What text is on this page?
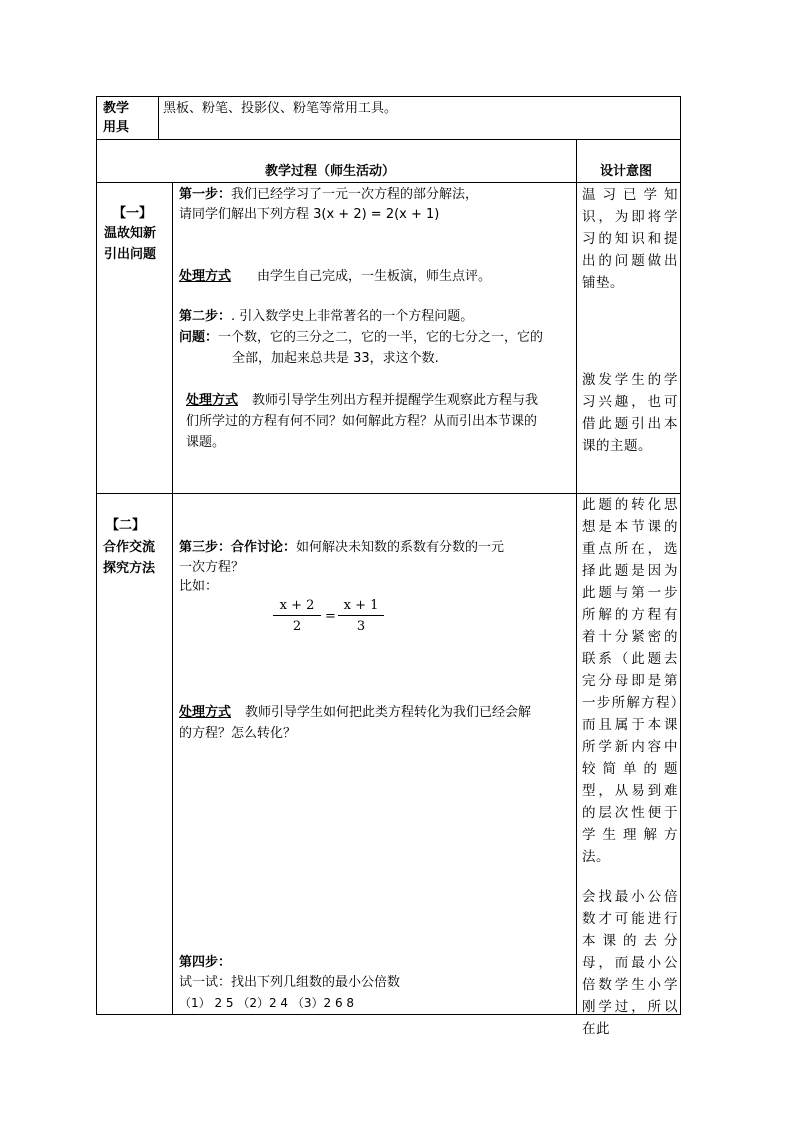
教学
用具
黑板、粉笔、投影仪、粉笔等常用工具。
教学过程（师生活动）	设计意图
【一】
温故知新
引出问题
第一步：我们已经学习了一元一次方程的部分解法，
请同学们解出下列方程 3(x + 2) = 2(x + 1)
处理方式 由学生自己完成，一生板演，师生点评。
第二步：. 引入数学史上非常著名的一个方程问题。
问题：一个数，它的三分之二，它的一半，它的七分之一，它的
全部，加起来总共是 33，求这个数.
处理方式 教师引导学生列出方程并提醒学生观察此方程与我
们所学过的方程有何不同？如何解此方程？从而引出本节课的
课题。
温习已学知识，为即将学习的知识和提出的问题做出铺垫。
激发学生的学习兴趣，也可借此题引出本课的主题。
【二】
合作交流
探究方法
第三步：合作讨论：如何解决未知数的系数有分数的一元
一次方程？
比如：
$\frac{x + 2}{2} = \frac{x + 1}{3}$
处理方式 教师引导学生如何把此类方程转化为我们已经会解
的方程？怎么转化？
第四步：
试一试：找出下列几组数的最小公倍数
（1） 2 5 （2）2 4 （3）2 6 8
此题的转化思想是本节课的重点所在，选择此题是因为此题与第一步所解的方程有着十分紧密的联系（此题去完分母即是第一步所解方程）而且属于本课所学新内容中较简单的题型，从易到难的层次性便于学生理解方法。
会找最小公倍数才可能进行本课的去分母，而最小公倍数学生小学刚学过，所以在此
